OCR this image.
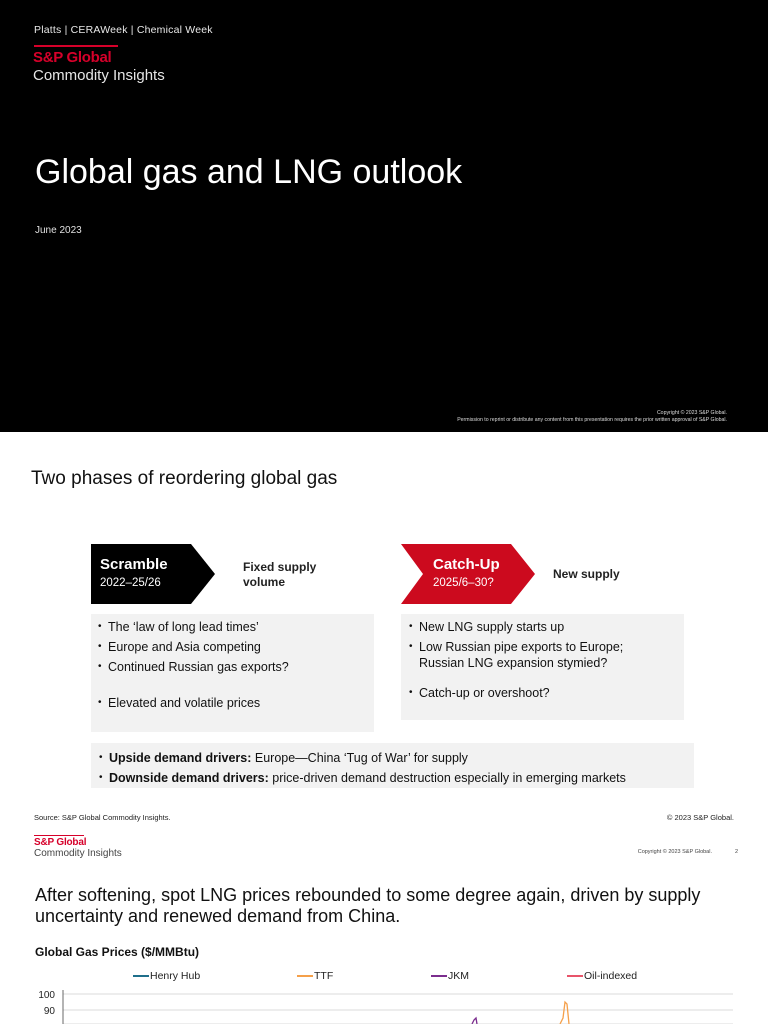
Platts | CERAWeek | Chemical Week
S&P Global
Commodity Insights
Global gas and LNG outlook
June 2023
Copyright © 2023 S&P Global.
Permission to reprint or distribute any content from this presentation requires the prior written approval of S&P Global.
Two phases of reordering global gas
Scramble
2022–25/26
Fixed supply
volume
Catch-Up
2025/6–30?
New supply
• The ‘law of long lead times’
• Europe and Asia competing
• Continued Russian gas exports?
• Elevated and volatile prices
• New LNG supply starts up
• Low Russian pipe exports to Europe; Russian LNG expansion stymied?
• Catch-up or overshoot?
• Upside demand drivers: Europe—China ‘Tug of War’ for supply
• Downside demand drivers: price-driven demand destruction especially in emerging markets
Source: S&P Global Commodity Insights.	© 2023 S&P Global.
S&P Global
Commodity Insights	Copyright © 2023 S&P Global.	2
After softening, spot LNG prices rebounded to some degree again, driven by supply uncertainty and renewed demand from China.
Global Gas Prices ($/MMBtu)
Henry Hub	TTF	JKM	Oil-indexed
100
90
